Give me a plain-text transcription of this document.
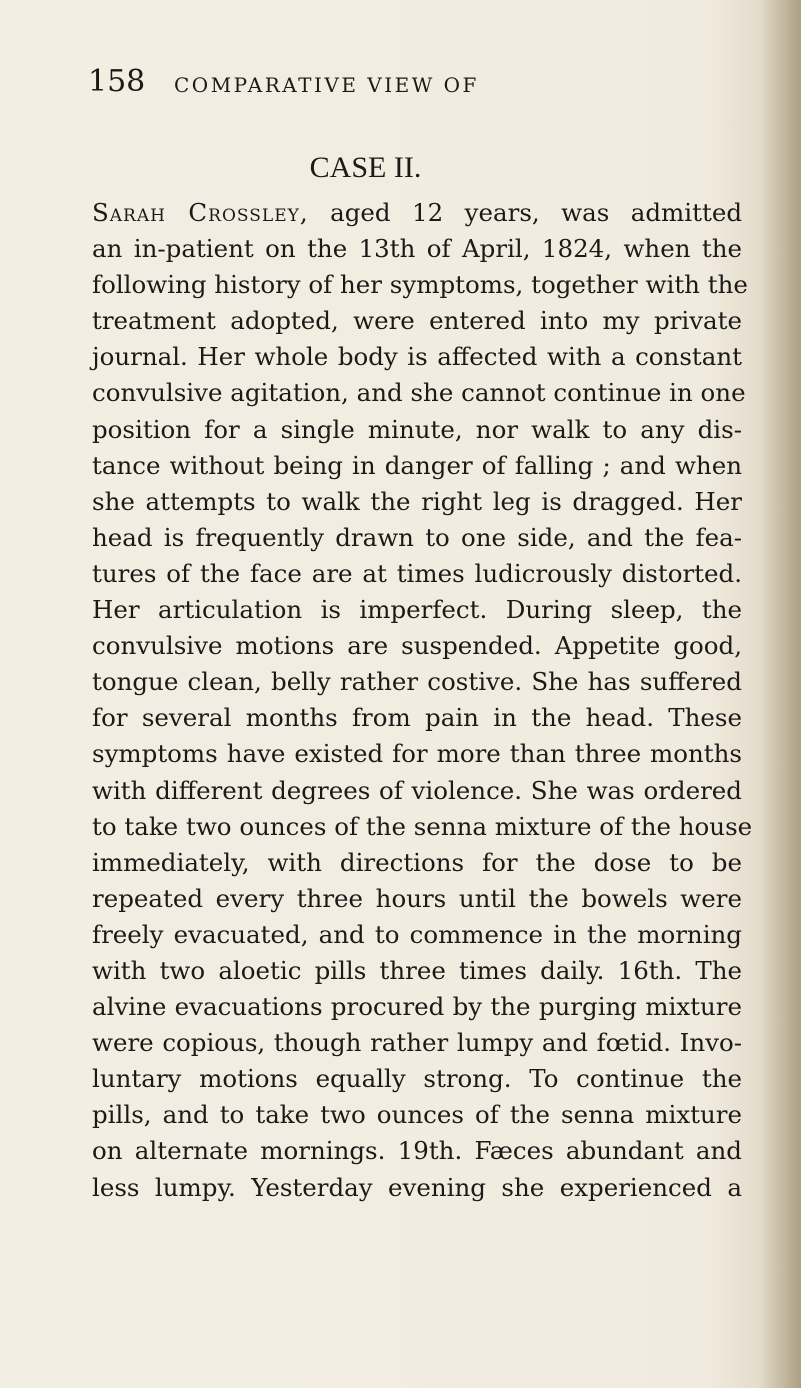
158 COMPARATIVE VIEW OF
CASE II.
Sarah Crossley, aged 12 years, was admitted
an in-patient on the 13th of April, 1824, when the
following history of her symptoms, together with the
treatment adopted, were entered into my private
journal. Her whole body is affected with a constant
convulsive agitation, and she cannot continue in one
position for a single minute, nor walk to any dis-
tance without being in danger of falling ; and when
she attempts to walk the right leg is dragged. Her
head is frequently drawn to one side, and the fea-
tures of the face are at times ludicrously distorted.
Her articulation is imperfect. During sleep, the
convulsive motions are suspended. Appetite good,
tongue clean, belly rather costive. She has suffered
for several months from pain in the head. These
symptoms have existed for more than three months
with different degrees of violence. She was ordered
to take two ounces of the senna mixture of the house
immediately, with directions for the dose to be
repeated every three hours until the bowels were
freely evacuated, and to commence in the morning
with two aloetic pills three times daily. 16th. The
alvine evacuations procured by the purging mixture
were copious, though rather lumpy and fœtid. Invo-
luntary motions equally strong. To continue the
pills, and to take two ounces of the senna mixture
on alternate mornings. 19th. Fæces abundant and
less lumpy. Yesterday evening she experienced a
